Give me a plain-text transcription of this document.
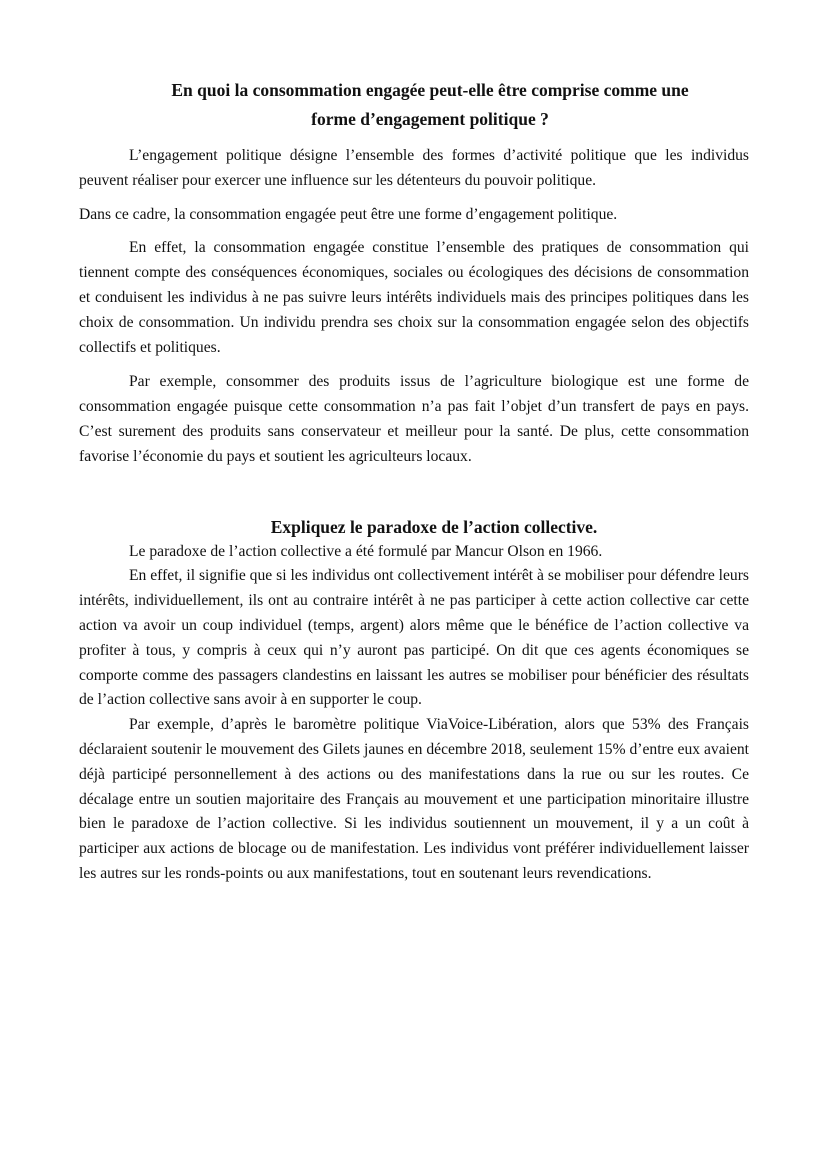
En quoi la consommation engagée peut-elle être comprise comme une
forme d’engagement politique ?

L’engagement politique désigne l’ensemble des formes d’activité politique que les individus peuvent réaliser pour exercer une influence sur les détenteurs du pouvoir politique.

Dans ce cadre, la consommation engagée peut être une forme d’engagement politique.

En effet, la consommation engagée constitue l’ensemble des pratiques de consommation qui tiennent compte des conséquences économiques, sociales ou écologiques des décisions de consommation et conduisent les individus à ne pas suivre leurs intérêts individuels mais des principes politiques dans les choix de consommation. Un individu prendra ses choix sur la consommation engagée selon des objectifs collectifs et politiques.

Par exemple, consommer des produits issus de l’agriculture biologique est une forme de consommation engagée puisque cette consommation n’a pas fait l’objet d’un transfert de pays en pays. C’est surement des produits sans conservateur et meilleur pour la santé. De plus, cette consommation favorise l’économie du pays et soutient les agriculteurs locaux.

Expliquez le paradoxe de l’action collective.

Le paradoxe de l’action collective a été formulé par Mancur Olson en 1966.

En effet, il signifie que si les individus ont collectivement intérêt à se mobiliser pour défendre leurs intérêts, individuellement, ils ont au contraire intérêt à ne pas participer à cette action collective car cette action va avoir un coup individuel (temps, argent) alors même que le bénéfice de l’action collective va profiter à tous, y compris à ceux qui n’y auront pas participé. On dit que ces agents économiques se comporte comme des passagers clandestins en laissant les autres se mobiliser pour bénéficier des résultats de l’action collective sans avoir à en supporter le coup.

Par exemple, d’après le baromètre politique ViaVoice-Libération, alors que 53% des Français déclaraient soutenir le mouvement des Gilets jaunes en décembre 2018, seulement 15% d’entre eux avaient déjà participé personnellement à des actions ou des manifestations dans la rue ou sur les routes. Ce décalage entre un soutien majoritaire des Français au mouvement et une participation minoritaire illustre bien le paradoxe de l’action collective. Si les individus soutiennent un mouvement, il y a un coût à participer aux actions de blocage ou de manifestation. Les individus vont préférer individuellement laisser les autres sur les ronds-points ou aux manifestations, tout en soutenant leurs revendications.
